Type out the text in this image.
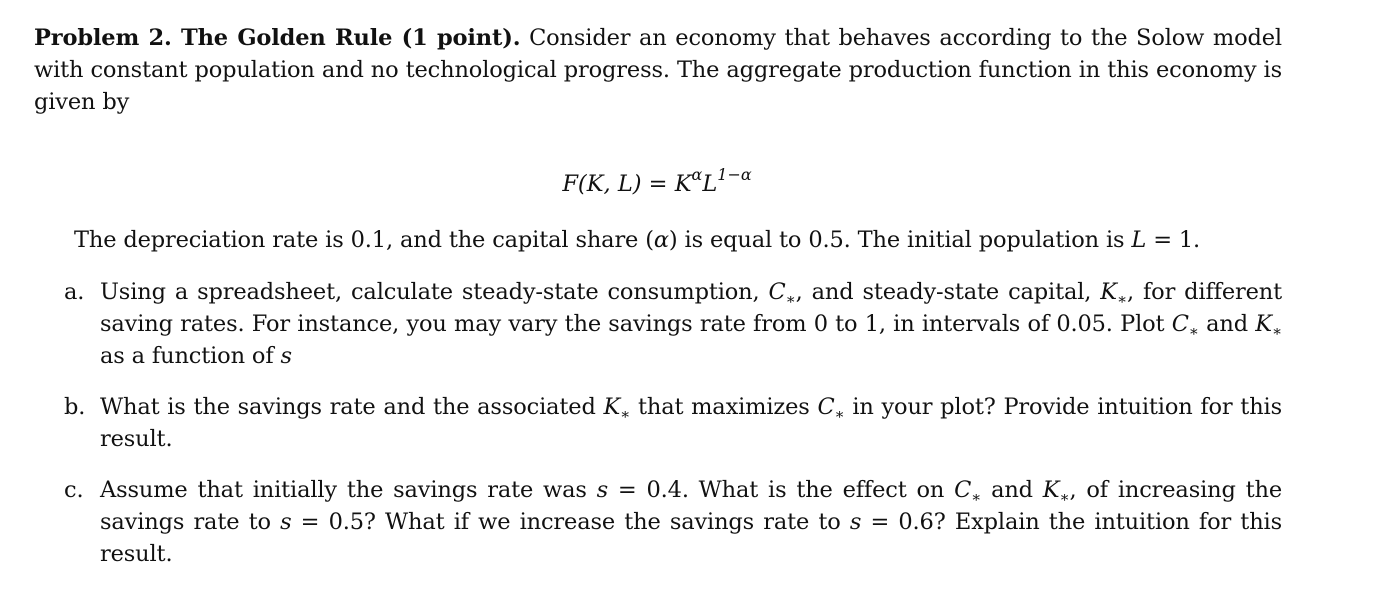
Problem 2. The Golden Rule (1 point). Consider an economy that behaves according to the Solow model with constant population and no technological progress. The aggregate production function in this economy is given by

F(K, $L) = K^\alpha L^{1-\alpha}$

The depreciation rate is 0.1, and the capital share (α) is equal to 0.5. The initial population is L = 1.

a. Using a spreadsheet, calculate steady-state consumption, $C_∗$, and steady-state capital, $K_∗$, for different saving rates. For instance, you may vary the savings rate from 0 to 1, in intervals of 0.05. Plot $C_∗$ and $K_∗$ as a function of s
b. What is the savings rate and the associated $K_∗$ that maximizes $C_∗$ in your plot? Provide intuition for this result.
c. Assume that initially the savings rate was s = 0.4. What is the effect on $C_∗$ and $K_∗$, of increasing the savings rate to s = 0.5? What if we increase the savings rate to s = 0.6? Explain the intuition for this result.
